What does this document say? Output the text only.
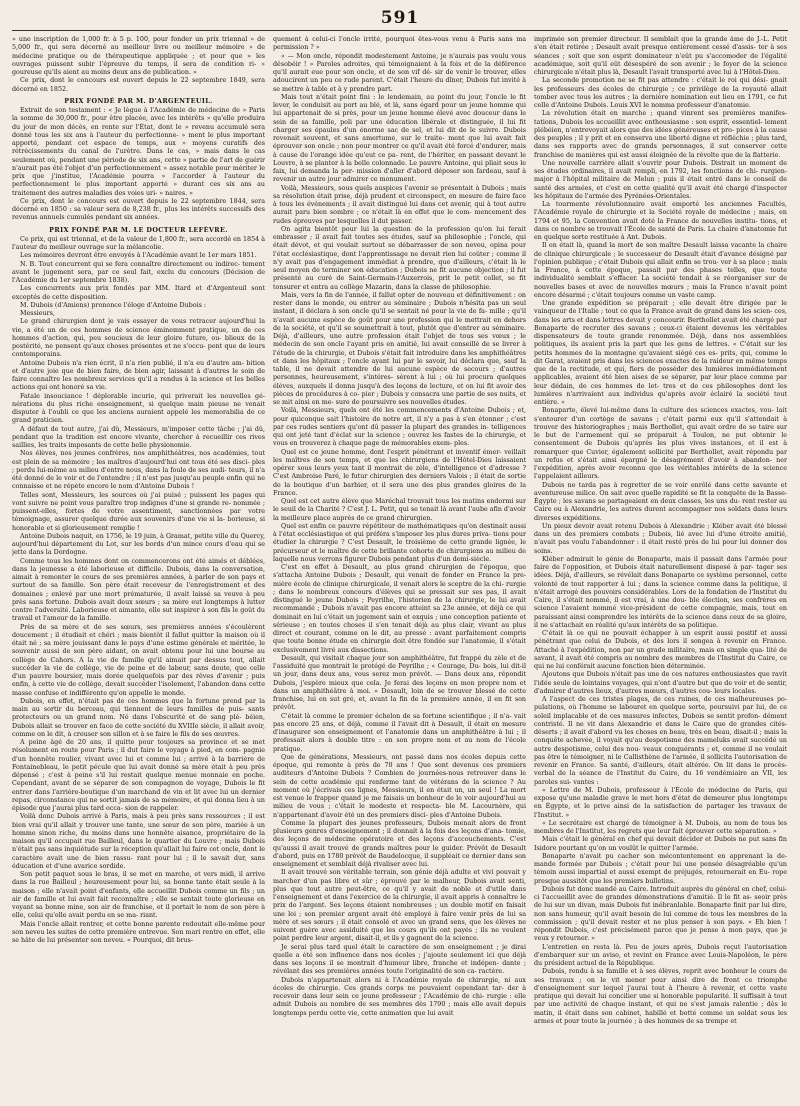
591

» une inscription de 1,000 fr. à 5 p. 100, pour fonder un prix triennal » de 5,000 fr., qui sera décerné au meilleur livre ou meilleur mémoire » de médecine pratique ou de thérapeutique appliquée ; et pour que » les ouvrages puissent subir l'épreuve du temps, il sera de condition ri- » goureuse qu'ils aient au moins deux ans de publication. »

Ce prix, dont le concours est ouvert depuis le 22 septembre 1849, sera décerné en 1852.

PRIX FONDÉ PAR M. D'ARGENTEUIL.

Extrait de son testament : « Je lègue à l'Académie de médecine de » Paris la somme de 30,000 fr., pour être placée, avec les intérêts » qu'elle produira du jour de mon décès, en rente sur l'État, dont le » revenu accumulé sera donné tous les six ans à l'auteur du perfectionne- » ment le plus important apporté, pendant cet espace de temps, aux » moyens curatifs des rétrécissements du canal de l'urètre. Dans le cas, » mais dans le cas seulement où, pendant une période de six ans, cette » partie de l'art de guérir n'aurait pas été l'objet d'un perfectionnement » assez notable pour mériter le prix que j'institue, l'Académie pourra » l'accorder à l'auteur du perfectionnement le plus important apporté » durant ces six ans au traitement des autres maladies des voies uri- » naires. »

Ce prix, dont le concours est ouvert depuis le 22 septembre 1844, sera décerné en 1850 : sa valeur sera de 8,238 fr., plus les intérêts successifs des revenus annuels cumulés pendant six années.

PRIX FONDÉ PAR M. LE DOCTEUR LEFÈVRE.

Ce prix, qui est triennal, et de la valeur de 1,800 fr., sera accordé en 1854 à l'auteur du meilleur ouvrage sur la mélancolie.

Les mémoires devront être envoyés à l'Académie avant le 1er mars 1851.

N. B. Tout concurrent qui se fera connaître directement ou indirec- tement avant le jugement sera, par ce seul fait, exclu du concours (Décision de l'Académie du 1er septembre 1838).

Les concurrents aux prix fondés par MM. Itard et d'Argenteuil sont exceptés de cette disposition.

M. Dubois (d'Amiens) prononce l'éloge d'Antoine Dubois :

Messieurs,

Le grand chirurgien dont je vais essayer de vous retracer aujourd'hui la vie, a été un de ces hommes de science éminemment pratique, un de ces hommes d'action, qui, peu soucieux de leur gloire future, ou- blieux de la postérité, ne pensent qu'aux choses présentes et ne s'occu- pent que de leurs contemporains.

Antoine Dubois n'a rien écrit, il n'a rien publié, il n'a eu d'autre am- bition et d'autre joie que de bien faire, de bien agir, laissant à d'autres le soin de faire connaître les nombreux services qu'il a rendus à la science et les belles actions qui ont honoré sa vie.

Fatale insouciance ! déplorable incurie, qui priverait les nouvelles gé- nérations du plus riche enseignement, si quelque main pieuse ne venait disputer à l'oubli ce que les anciens auraient appelé les memorabilia de ce grand praticien.

A défaut de tout autre, j'ai dû, Messieurs, m'imposer cette tâche ; j'ai dû, pendant que la tradition est encore vivante, chercher à recueillir ces rives saillies, les traits imposants de cette belle physionomie.

Nos élèves, nos jeunes confrères, nos amphithéâtres, nos académies, tout est plein de sa mémoire ; les maîtres d'aujourd'hui ont tous été ses disci- ples ; perdu lui-même au milieu d'entre nous, dans la foule de ses audi- teurs, il n'a été donné de le voir et de l'entendre ; il n'est pas jusqu'au peuple enfin qui ne connaisse et ne répète encore le nom d'Antoine Dubois !

Telles sont, Messieurs, les sources où j'ai puisé ; puissent les pages qui vont suivre ne point vous paraître trop indignes d'une si grande re- nommée ; puissent-elles, fortes de votre assentiment, sanctionnées par votre témoignage, assurer quelque durée aux souvenirs d'une vie si la- borieuse, si honorable et si glorieusement remplie !

Antoine Dubois naquit, en 1756, le 19 juin, à Gramat, petite ville du Quercy, aujourd'hui département du Lot, sur les bords d'un mince cours d'eau qui se jette dans la Dordogne.

Comme tous les hommes dont on commencerons ont été aimés et déblées, dans la jeunesse a été laborieuse et difficile. Dubois, dans la conversation, aimait à remonter le cours de ses premières années, à parler de son pays et surtout de sa famille. Son père était receveur de l'enregistrement et des domaines ; enlevé par une mort prématurée, il avait laissé sa veuve à peu près sans fortune. Dubois avait deux sœurs ; sa mère eut longtemps à lutter contre l'adversité. Laborieuse et aimante, elle sut inspirer à son fils le goût du travail et l'amour de la famille.

Près de sa mère et de ses sœurs, ses premières années s'écoulèrent doucement ; il étudiait et chéri ; mais bientôt il fallut quitter la maison où il était né ; sa mère jouissant dans le pays d'une estime générale et méritée, le souvenir aussi de son père aidant, on avait obtenu pour lui une bourse au collège de Cahors. A la vie de famille qu'il aimait par dessus tout, allait succéder la vie de collège, vie de peine et de labeur, sans doute, que celle d'un pauvre boursier, mais dorée quelquefois par des rêves d'avenir ; puis enfin, à cette vie de collège, devait succéder l'isolement, l'abandon dans cette masse confuse et indifférente qu'on appelle le monde.

Dubois, en effet, n'était pas de ces hommes que la fortune prend par la main au sortir du berceau, qui tiennent de leurs familles de puis- sants protecteurs ou un grand nom. Né dans l'obscurité et de sang plé- béien, Dubois allait se trouver en face de cette société du XVIIIe siècle, il allait avoir, comme on le dit, à creuser son sillon et à se faire le fils de ses œuvres.

A peine âgé de 20 ans, il quitte pour toujours sa province et se met résolument en route pour Paris ; il dut faire le voyage à pied, en com- pagnie d'un honnête roulier, vivant avec lui et comme lui ; arrivé à la barrière de Fontainebleau, le petit pécule que lui avait donné sa mère était à peu près dépensé ; c'est à peine s'il lui restait quelque menue monnaie en poche. Cependant, avant de se séparer de son compagnon de voyage, Dubois le fit entrer dans l'arrière-boutique d'un marchand de vin et lit avec lui un dernier repas, circonstance qui ne sortit jamais de sa mémoire, et qui donna lieu à un épisode que j'aurai plus tard occa- sion de rappeler.

Voilà donc Dubois arrivé à Paris, mais à peu près sans ressources ; il est bien vrai qu'il allait y trouver une tante, une sœur de son père, mariée à un homme sinon riche, du moins dans une honnête aisance, propriétaire de la maison qu'il occupait rue Bailleul, dans le quartier du Louvre ; mais Dubois n'était pas sans inquiétude sur la réception qu'allait lui faire cet oncle, dont le caractère avait une de bien rassu- rant pour lui ; il le savait dur, sans éducation et d'une avarice sordide.

Son petit paquet sous le bras, il se met en marche, et vers midi, il arrive dans la rue Bailleul ; heureusement pour lui, sa bonne tante était seule à la maison ; elle n'avait point d'enfants, elle accueillit Dubois comme un fils ; un air de famille et lui avait fait reconnaître ; elle se sentait toute glorieuse en voyant sa bonne mine, son air de franchise, et il portait le nom de son père à elle, celui qu'elle avait perdu en se ma- riant.

Mais l'oncle allait rentrer, et cette bonne parente redoutait elle-même pour son neveu les suites de cette première entrevue. Son mari rentre en effet, elle se hâte de lui présenter son neveu. « Pourquoi, dit brus-

quement à celui-ci l'oncle irrité, pourquoi êtes-vous venu à Paris sans ma permission ? »

« — Mon oncle, répondit modestement Antoine, je n'aurais pas voulu vous désobéir ! » Paroles adroites, qui témoignaient à la fois et de la déférence qu'il aurait eue pour son oncle, et de son vif dé- sir de venir le trouver, elles adoucirent un peu ce rude parent. C'était l'heure du dîner, Dubois fut invité à se mettre à table et à y prendre part.

Mais tout n'était point fini : le lendemain, au point du jour, l'oncle le fit lever, le conduisit au port au blé, et là, sans égard pour un jeune homme qui lui appartenait de si près, pour un jeune homme élevé avec douceur dans le sein de sa famille, poli par une éducation libérale et distinguée, il lui fit charger ses épaules d'un énorme sac de sel, et lui dit de le suivre. Dubois revenait souvent, et sans amertume, sur le traite- ment que lui avait fait éprouver son oncle ; non pour montrer ce qu'il avait été forcé d'endurer, mais à cause de l'orange idée qu'eut ce pa- rent, de l'hériter, en passant devant le Louvre, à se planter à la belle colonnade. Le pauvre Antoine, qui pliait sous le faix, lui demanda la per- mission d'aller d'abord déposer son fardeau, sauf à revenir un autre jour admirer ce monument.

Voilà, Messieurs, sous quels auspices l'avenir se présentait à Dubois ; mais sa résolution était prise, déjà prudent et circonspect, en mesure de faire face à tous les événements ; il avait distingué lui dans cet avenir, qui à tout autre aurait paru bien sombre ; ce n'était là en effet que le com- mencement des rudes épreuves par lesquelles il dut passer.

On agita bientôt pour lui la question de la profession qu'on lui ferait embrasser ; il avait fait toutes ses études, sauf sa philosophie ; l'oncle, qui était dévot, et qui voulait surtout se débarrasser de son neveu, opina pour l'état ecclésiastique, dont l'apprentissage ne devait rien lui coûter ; comme il n'y avait pas d'engagement immédiat à prendre, que d'ailleurs, c'était là le seul moyen de terminer son éducation ; Dubois ne fit aucune objection ; il fut présenté au curé de Saint-Germain-l'Auxerrois, prit le petit collet, se fit tonsurer et entra au collège Mazarin, dans la classe de philosophie.

Mais, vers la fin de l'année, il fallut opter de nouveau et définitivement : on rester dans le monde, ou entrer au séminaire ; Dubois n'hésita pas un seul instant, il déclara à son oncle qu'il se sentait né pour la vie de fa- mille ; qu'il n'avait aucune espèce de goût pour une profession qui le mettrait en dehors de la société, et qu'il se soumettrait à tout, plutôt que d'entrer au séminaire. Déjà, d'ailleurs, une autre profession était l'objet de tous ses vœux ; le médecin de son oncle l'ayant pris en amitié, lui avait conseillé de se livrer à l'étude de la chirurgie, et Dubois s'était fait introduire dans les amphithéâtres et dans les hôpitaux ; l'oncle ayant lui par le savoir, lui déclara que, sauf la table, il ne devait attendre de lui aucune espèce de secours ; d'autres personnes, heureusement, s'intéres- sèrent à lui ; où lui procura quelques élèves, auxquels il donna jusqu'à des leçons de lecture, et on lui fit avoir des pièces de procédures à co- pier ; Dubois y consacra une partie de ses nuits, et se mit ainsi en me- sure de poursuivre ses nouvelles études.

Voilà, Messieurs, quels ont été les commencements d'Antoine Dubois ; et, pour quiconque sait l'histoire de notre art, il n'y a pas à s'en étonner ; c'est par ces rudes sentiers qu'ont dû passer la plupart des grandes in- telligences qui ont jeté tant d'éclat sur la science ; ouvrez les fastes de la chirurgie, et vous en trouverez à chaque page de mémorables exem- ples.

Quel est ce jeune homme, dont l'esprit pénétrant et inventif émer- veillait les maîtres de son temps, et que les chirurgiens de l'Hôtel-Dieu laissaient opérer sous leurs yeux tant il montrait de zèle, d'intelligence et d'adresse ? C'est Ambroise Paré, le futur chirurgien des derniers Valois ; il était de sortie de la boutique d'un barbier, et il sera une des plus grandes gloires de la France.

Quel est cet autre élève que Maréchal trouvait tous les matins endormi sur le seuil de la Charité ? C'est J. L. Petit, qui se tenait là avant l'aube afin d'avoir la meilleure place auprès de ce grand chirurgien.

Quel est enfin ce pauvre répétiteur de mathématiques qu'on destinait aussi à l'état ecclésiastique et qui préféra s'imposer les plus dures priva- tions pour étudier la chirurgie ? C'est Desault, le troisième de cette grande lignée, le précurseur et le maître de cette brillante cohorte de chirurgiens au milieu de laquelle nous verrons figurer Dubois pendant plus d'un demi-siècle.

C'est en effet à Desault, au plus grand chirurgien de l'époque, que s'attacha Antoine Dubois ; Desault, qui venait de fonder en France la pre- mière école de clinique chirurgicale, il venait alors le sceptre de la chi- rurgie ; dans le nombreux concours d'élèves qui se pressait sur ses pas, il avait distingué le jeune Dubois ; Peyrilhe, l'historien de la chirurgie, le lui avait recommandé ; Dubois n'avait pas encore atteint sa 23e année, et déjà ce qui dominait en lui c'était un jugement sain et exquis ; une conception patiente et sérieuse ; en toutes choses il s'en tenait déjà au plus clair, vivant au plus direct et courant, comme on le dit, au pressé : avant parfaitement compris que toute bonne étude en chirurgie doit être fondée sur l'anatomie, il s'était exclusivement livré aux dissections.

Desault, qui visitait chaque jour son amphithéâtre, fut frappé du zèle et de l'assiduité que montrait le protégé de Peyrilhe ; « Courage, Du- bois, lui dit-il un jour, dans deux ans, vous serez mon prévôt. — Dans deux ans, répondit Dubois, j'espère mieux que cela. Je ferai des leçons en mon propre nom et dans un amphithéâtre à moi. » Desault, loin de se trouver blessé de cette franchise, lui en sut gré, et, avant la fin de la première année, il en fit son prévôt.

C'était là comme le premier échelon de sa fortune scientifique ; il n'a- vait pas encore 25 ans, et déjà, comme il l'avait dit à Desault, il était en mesure d'inaugurer son enseignement et l'anatomie dans un amphithéâtre à lui ; il professait alors à double titre : en son propre nom et au nom de l'école pratique.

Que de générations, Messieurs, ont passé dans nos écoles depuis cette époque, qui remonte à près de 70 ans ! Que sont devenus ces premiers auditeurs d'Antoine Dubois ? Combien de journées-nous retrouver dans le sein de cette académie qui renferme tant de vétérans de la science ? Au moment où j'écrivais ces lignes, Messieurs, il en était un, un seul ! La mort est venue le frapper quand je me faisais un bonheur de le voir aujourd'hui au milieu de vous ; c'était le modeste et respecta- ble M. Lacournère, qui n'appartenant d'avoir été un des premiers disci- ples d'Antoine Dubois.

Comme la plupart des jeunes professeurs, Dubois menait alors de front plusieurs genres d'enseignement ; il donnait à la fois des leçons d'ana- tomie, des leçons de médecine opératoire et des leçons d'accouchements. C'est qu'aussi il avait trouvé de grands maîtres pour le guider. Prévôt de Desault d'abord, puis en 1780 prévôt de Baudelocque, il suppléait ce dernier dans son enseignement et semblait déjà rivaliser avec lui.

Il avait trouvé son véritable terrain, son génie déjà adulte et vivi pouvait y marcher d'un pas libre et sûr ; éprouvé par le malheur, Dubois avait senti, plus que tout autre peut-être, ce qu'il y avait de noble et d'utile dans l'enseignement et dans l'exercice de la chirurgie, il avait appris à connaître le prix de l'argent. Ses leçons étaient nombreuses ; un double motif en faisait une loi ; son premier argent avait été employé à faire venir près de lui sa mère et ses sœurs ; il était consolé et avec un grand sens, que les élèves ne suivent guère avec assiduité que les cours qu'ils ont payés ; ils ne veulent point perdre leur argent, disait-il, et ils y gagnent de la science.

Je serai plus tard quel était le caractère de son enseignement ; je dirai quelle a été son influence dans nos écoles ; j'ajoute seulement ici que déjà dans ses leçons il se montrait d'humeur libre, franche et indépen- dante ; révélant des ses premières années toute l'originalité de son ca- ractère.

Dubois n'appartenait alors ni à l'Académie royale de chirurgie, ni aux écoles de chirurgie. Ces grands corps ne pouvaient cependant tar- der à recevoir dans leur sein ce jeune professeur ; l'Académie de chi- rurgie : elle admit Dubois au nombre de ses membres dès 1790 ; mais elle avait depuis longtemps perdu cette vie, cette animation que lui avait

imprimée son premier directeur. Il semblait que la grande âme de J.-L. Petit s'en était retirée ; Desault avait presque entièrement cessé d'assis- ter à ses séances ; soit que son esprit dominateur n'eût pu s'accomoder de l'égalité académique, soit qu'il eût désespéré de son avenir ; le foyer de la science chirurgicale n'était plus là, Desault l'avait transporté avec lui à l'Hôtel-Dieu.

La seconde promotion ne se fit pas attendre : c'était le roi qui dési- gnait les professeurs des écoles de chirurgie ; ce privilège de la royauté allait tomber avec tous les autres ; la dernière nomination eut lieu en 1791, ce fut celle d'Antoine Dubois. Louis XVI le nomma professeur d'anatomie.

La révolution était en marche ; quand vinrent ses premières manifes- tations, Dubois les accueillit avec enthousiasme : son esprit, essentiel- lement plébéien, n'entrevoyait alors que des idées généreuses et pro- pices à la cause des peuples ; il y prit et en conserva une liberté digne et réfléchie ; plus tard, dans ses rapports avec de grands personnages, il sut conserver cette franchise de manières qui est aussi éloignée de la révolte que de la flatterie.

Une nouvelle carrière allait s'ouvrir pour Dubois. Distrait un moment de ses études ordinaires, il avait rempli, en 1792, les fonctions de chi- rurgien-major à l'hôpital militaire de Melun ; puis il était entré dans le conseil de santé des armées, et c'est en cette qualité qu'il avait été chargé d'inspecter les hôpitaux de l'armée des Pyrénées-Orientales.

La tourmente révolutionnaire avait emporté les anciennes Facultés, l'Académie royale de chirurgie et la Société royale de médecine ; mais, en 1794 et 95, la Convention avait doté la France de nouvelles institu- tions, et dans ce nombre se trouvait l'École de santé de Paris. La chaire d'anatomie fut en quelque sorte restituée à Ant. Dubois.

Il en était là, quand la mort de son maître Desault laissa vacante la chaire de clinique chirurgicale ; le successeur de Desault était d'avance désigné par l'opinion publique ; c'était Dubois qui allait enfin se trou- ver à sa place ; mais la France, à cette époque, passait par des phases telles, que toute individualité semblait s'effacer. La société tendait à se réorganiser sur de nouvelles bases et avec de nouvelles mœurs ; mais la France n'avait point encore désarmé ; c'était toujours comme un vaste camp.

Une grande expédition se préparait ; elle devait être dirigée par le vainqueur de l'Italie ; tout ce que la France avait de grand dans les scien- ces, dans les arts et dans lettres devait y concourir. Berthollet avait été chargé par Bonaparte de recruter des savans ; ceux-ci étaient devenus les véritables dispensateurs de toute grande renommée. Déjà, dans nos assemblées politiques, ils avaient pris la part que les gens de lettres. « C'était sur les petits hommes de la montagne qu'avaient siégé ces es- prits, qui, comme le dit Garat, avaient pris dans les sciences exactes de la raideur en même temps que de la rectitude, et qui, fiers de posséder des lumières immédiatement applicables, avaient été bien aises de se séparer, par leur place comme par leur dédain, de ces hommes de let- tres et de ces philosophes dont les lumières n'arrivaient aux individus qu'après avoir éclairé la société tout entière. »

Bonaparte, élevé lui-même dans la culture des sciences exactes, vou- lait s'entourer d'un cortège de savans ; c'était parmi eux qu'il s'attendait à trouver des historiographes ; mais Berthollet, qui avait ordre de se taire sur le but de l'armement qui se préparait à Toulon, ne put obtenir le consentement de Dubois qu'après les plus vives instances, et il est à remarquer que Cuvier, également sollicité par Berthollet, avait répondu par un refus et s'était ainsi épargné le désagrément d'avoir à abandon- ner l'expédition, après avoir reconnu que les véritables intérêts de la science l'appelaient ailleurs.

Dubois ne tarda pas à regretter de se voir enrôlé dans cette savante et aventureuse milice. On sait avec quelle rapidité se fit la conquête de la Basse-Égypte ; les savans se partageaient en deux classes, les uns du- rent rester au Caire ou à Alexandrie, les autres durent accompagner nos soldats dans leurs diverses expéditions.

Un pieux devoir avait retenu Dubois à Alexandrie ; Kléber avait été blessé dans un des premiers combats ; Dubois, lié avec lui d'une étroite amitié, n'avait pas voulu l'abandonner : il était resté près de lui pour lui donner des soins.

Kléber admirait le génie de Bonaparte, mais il passait dans l'armée pour faire de l'opposition, et Dubois était naturellement disposé à par- tager ses idées. Déjà, d'ailleurs, se révélait dans Bonaparte ce système personnel, cette volonté de tout rapporter à lui ; dans la science comme dans la politique, il n'était arrogé des pouvoirs considérables. Lors de la fondation de l'Institut du Caire, il s'était nommé, il est vrai, à une dou- ble élection, ses confrères en science l'avaient nommé vice-président de cette compagnie, mais, tout en paraissant ainsi comprendre les intérêts de la science dans ceux de sa gloire, il ne s'attachait en réalité qu'aux intérêts de sa politique.

C'était là ce qui ne pouvait échapper à un esprit aussi positif et aussi pénétrant que celui de Dubois, et dès lors il songea à revenir en France. Attaché à l'expédition, non par un grade militaire, mais en simple qua- lité de savant, il avait été compris au nombre des membres de l'Institut du Caire, ce qui ne lui conférait aucune fonction bien déterminée.

Ajoutons que Dubois n'était pas une de ces natures enthousiastes que ravit l'idée seule de lointains voyages, qui n'ont d'autre but que de voir et de sentir, d'admirer d'autres lieux, d'autres mœurs, d'autres cou- leurs locales.

A l'aspect de ces tristes plages, de ces ruines, de ces malheureuses po- pulations, où l'homme se labouret en quelque sorte, poursuivi par lui, de ce soleil implacable et de ces masures infectes, Dubois se sentit profon- dément contristé. Il ne vit dans Alexandrie et dans le Caire que de grandes cités-déserts ; il avait d'abord vu les choses en beau, très en beau, disait-il ; mais la conquête achevée, il voyait qu'au despotisme des mameluks avait succédé un autre despotisme, celui des nou- veaux conquérants ; et, comme il ne voulait pas être le témoigner, ni le Callisthène de l'armée, il sollicita l'autorisation de revenir en France. Sa santé, d'ailleurs, était altérée. On lit dans le procès-verbal de la séance de l'Institut du Caire, du 16 vendémiaire an VII, les paroles sui- vantes :

« Lettre de M. Dubois, professeur à l'École de médecine de Paris, qui expose qu'une maladie grave le met hors d'état de demeurer plus longtemps en Égypte, et le prive ainsi de la satisfaction de partager les travaux de l'Institut. »

« Le secrétaire est chargé de témoigner à M. Dubois, au nom de tous les membres de l'Institut, les regrets que leur fait éprouver cette séparation. »

Mais c'était le général en chef qui devait décider et Dubois ne put sans fin Isidore pourtant qu'on un voulût le quitter l'armée.

Bonaparte n'avait pu cacher son mécontentement en apprenant la de- mande formée par Dubois ; c'était pour lui une pensée désagréable qu'un témoin aussi impartial et aussi exempt de préjugés, retournerait en Eu- rope presque aussitôt que les premiers bulletins.

Dubois fut donc mandé au Caire. Introduit auprès du général en chef, celui-ci l'accueillit avec de grandes démonstrations d'amitié. Il le fit as- seoir près de lui sur un divan, mais Dubois fut inébranlable. Bonaparte finit par lui dire, non sans humeur, qu'il avait besoin de lui comme de tous les membres de la commission ; qu'il devait rester et ne plus penser à son pays. « Eh bien ! répondit Dubois, c'est précisément parce que je pense à mon pays, que je veux y retourner. »

L'entretien en resta là. Peu de jours après, Dubois reçut l'autorisation d'embarquer sur un aviso, et revint en France avec Louis-Napoléon, le père du président actuel de la République.

Dubois, rendu à sa famille et à ses élèves, reprit avec bonheur le cours de ses travaux ; on le vit mener pour ainsi dire de front ce triomphe d'enseignement sur lequel j'aurai tout à l'heure à revenir, et cette vaste pratique qui devait lui concilier une si honorable popularité. Il suffisait à tout par une activité de chaque instant, et qui ne s'est jamais ralentie ; dès le matin, il était dans son cabinet, habillé et botté comme un soldat sous les armes et pour toute la journée ; à des hommes de sa trempe et
